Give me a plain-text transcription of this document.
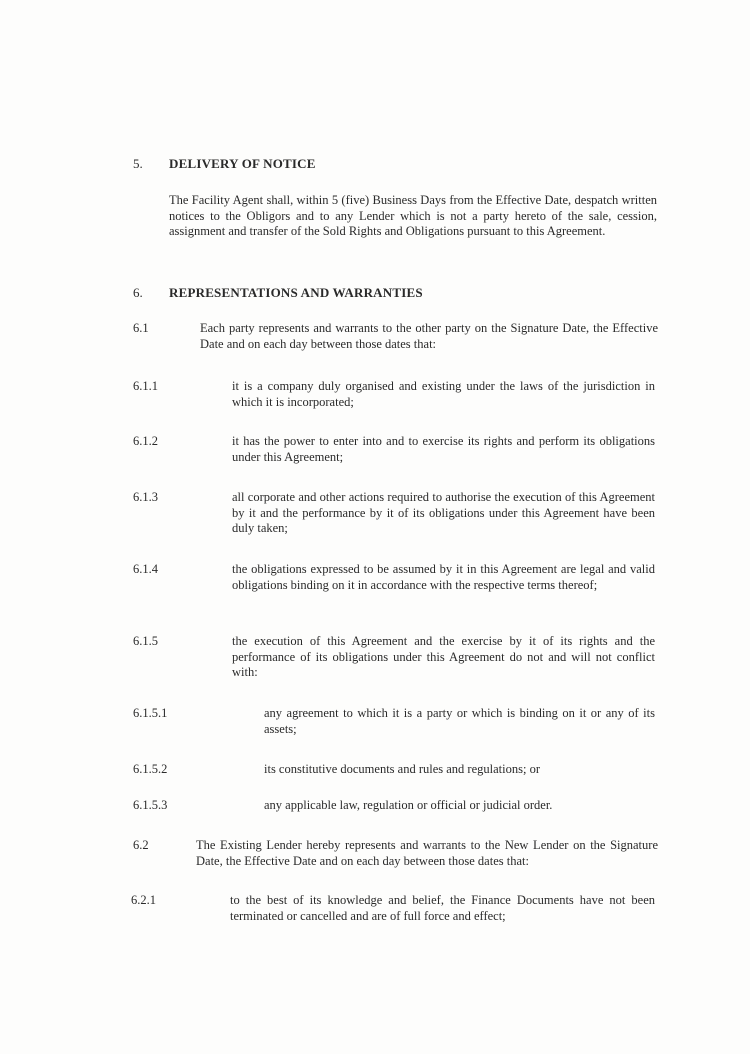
5. DELIVERY OF NOTICE
The Facility Agent shall, within 5 (five) Business Days from the Effective Date, despatch written notices to the Obligors and to any Lender which is not a party hereto of the sale, cession, assignment and transfer of the Sold Rights and Obligations pursuant to this Agreement.
6. REPRESENTATIONS AND WARRANTIES
6.1	Each party represents and warrants to the other party on the Signature Date, the Effective Date and on each day between those dates that:
6.1.1	it is a company duly organised and existing under the laws of the jurisdiction in which it is incorporated;
6.1.2	it has the power to enter into and to exercise its rights and perform its obligations under this Agreement;
6.1.3	all corporate and other actions required to authorise the execution of this Agreement by it and the performance by it of its obligations under this Agreement have been duly taken;
6.1.4	the obligations expressed to be assumed by it in this Agreement are legal and valid obligations binding on it in accordance with the respective terms thereof;
6.1.5	the execution of this Agreement and the exercise by it of its rights and the performance of its obligations under this Agreement do not and will not conflict with:
6.1.5.1	any agreement to which it is a party or which is binding on it or any of its assets;
6.1.5.2	its constitutive documents and rules and regulations; or
6.1.5.3	any applicable law, regulation or official or judicial order.
6.2	The Existing Lender hereby represents and warrants to the New Lender on the Signature Date, the Effective Date and on each day between those dates that:
6.2.1	to the best of its knowledge and belief, the Finance Documents have not been terminated or cancelled and are of full force and effect;
